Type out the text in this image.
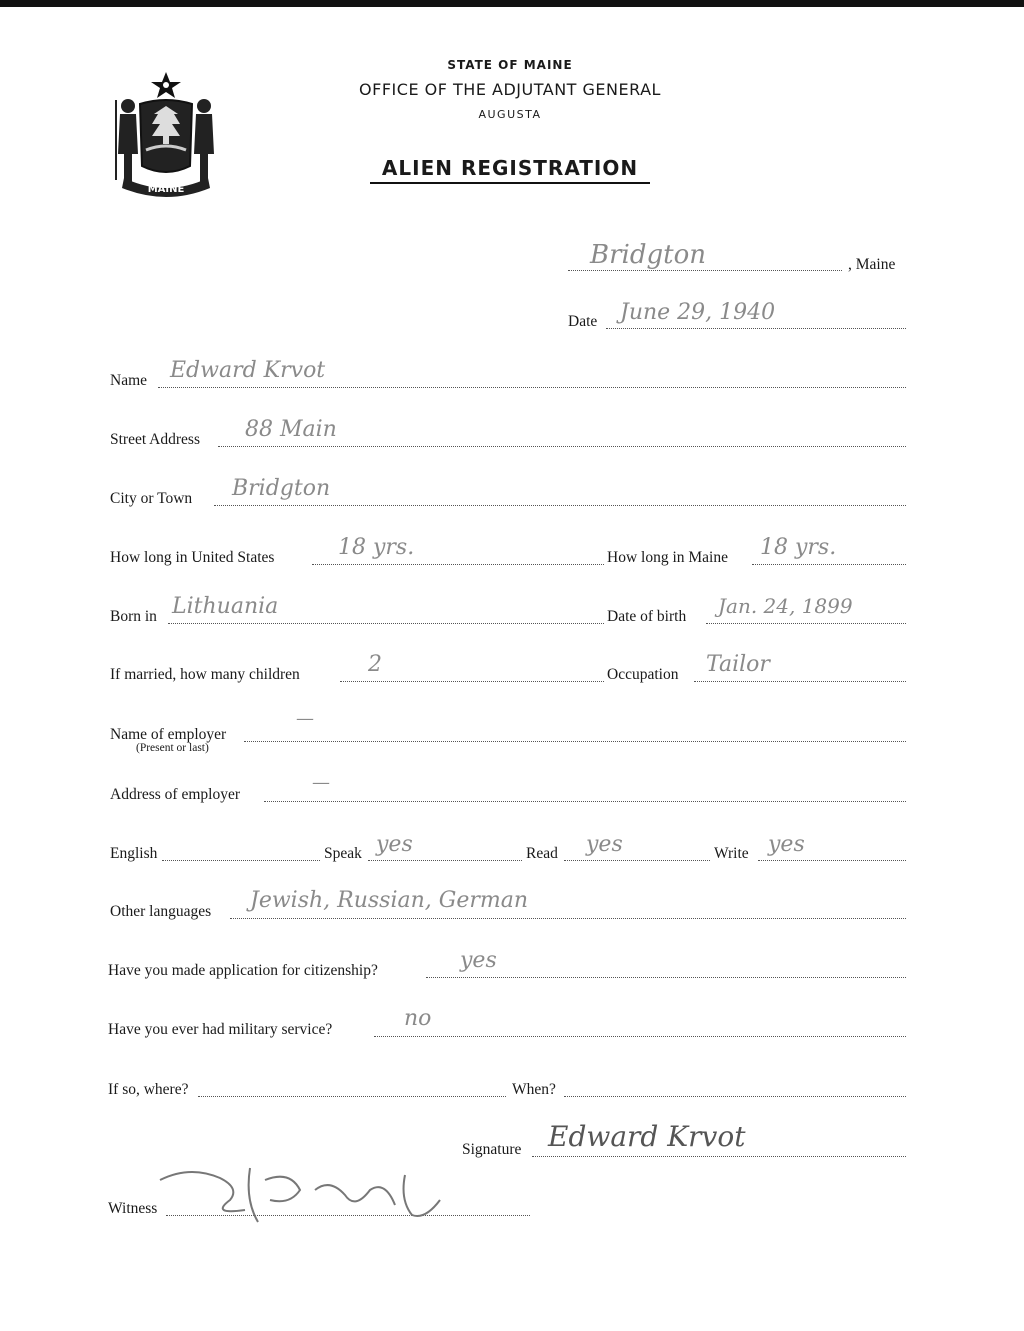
MAINE
STATE OF MAINE
OFFICE OF THE ADJUTANT GENERAL
AUGUSTA
ALIEN REGISTRATION
Bridgton	, Maine
Date June 29, 1940
Name Edward Krvot
Street Address 88 Main
City or Town Bridgton
How long in United States	18 yrs.	How long in Maine 18 yrs.
Born in Lithuania	Date of birth Jan. 24, 1899
If married, how many children	2	Occupation Tailor
Name of employer
(Present or last)
—
Address of employer
—
English	Speak yes	Read yes	Write yes
Other languages Jewish, Russian, German
Have you made application for citizenship?	yes
Have you ever had military service?	no
If so, where?	When?
Signature Edward Krvot
Witness
